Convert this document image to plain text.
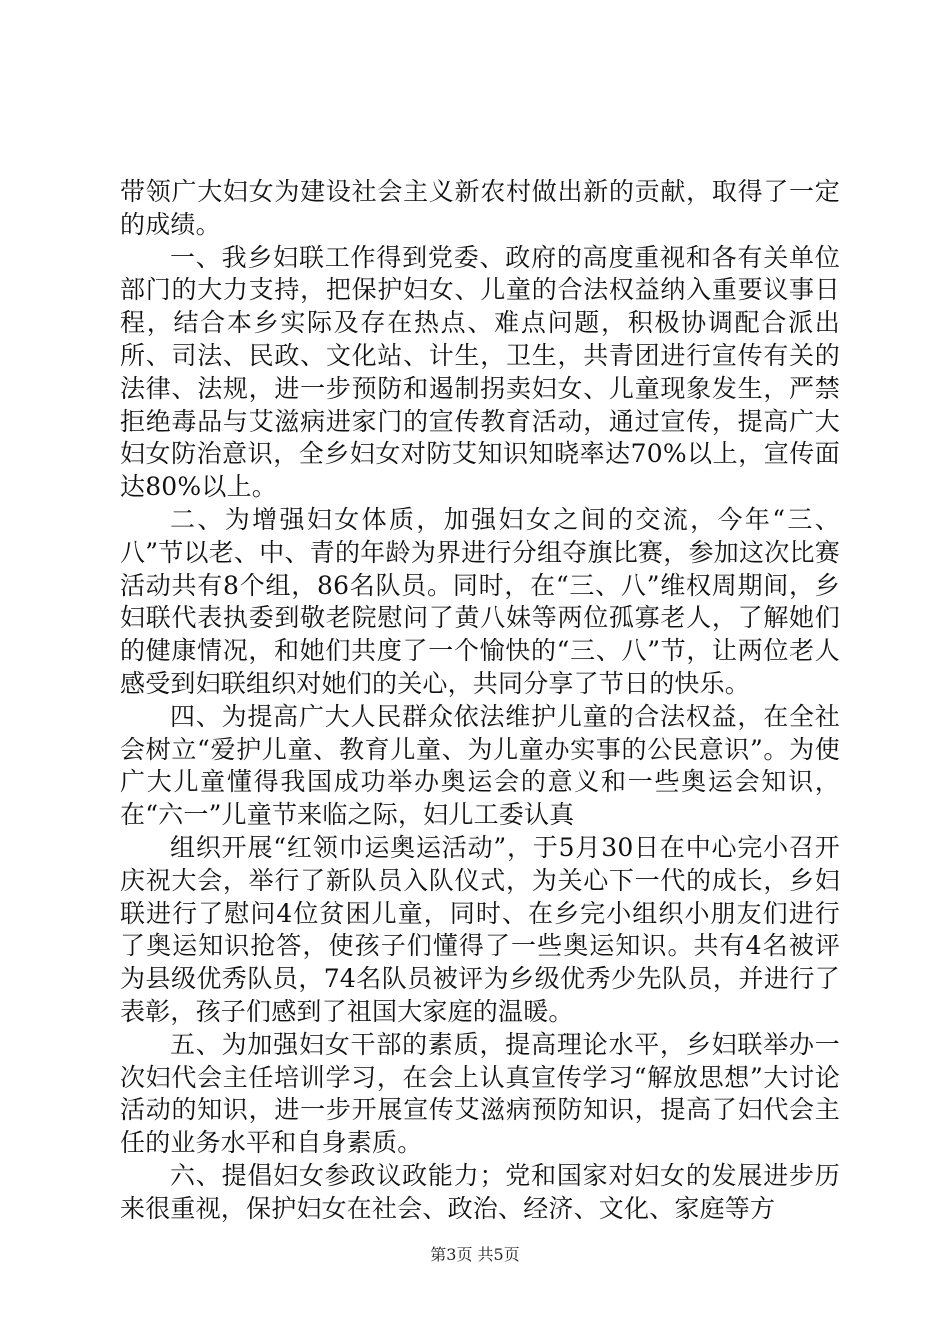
带领广大妇女为建设社会主义新农村做出新的贡献，取得了一定的成绩。

一、我乡妇联工作得到党委、政府的高度重视和各有关单位部门的大力支持，把保护妇女、儿童的合法权益纳入重要议事日程，结合本乡实际及存在热点、难点问题，积极协调配合派出所、司法、民政、文化站、计生，卫生，共青团进行宣传有关的法律、法规，进一步预防和遏制拐卖妇女、儿童现象发生，严禁拒绝毒品与艾滋病进家门的宣传教育活动，通过宣传，提高广大妇女防治意识，全乡妇女对防艾知识知晓率达70%以上，宣传面达80%以上。

二、为增强妇女体质，加强妇女之间的交流，今年“三、八”节以老、中、青的年龄为界进行分组夺旗比赛，参加这次比赛活动共有8个组，86名队员。同时，在“三、八”维权周期间，乡妇联代表执委到敬老院慰问了黄八妹等两位孤寡老人，了解她们的健康情况，和她们共度了一个愉快的“三、八”节，让两位老人感受到妇联组织对她们的关心，共同分享了节日的快乐。

四、为提高广大人民群众依法维护儿童的合法权益，在全社会树立“爱护儿童、教育儿童、为儿童办实事的公民意识”。为使广大儿童懂得我国成功举办奥运会的意义和一些奥运会知识，在“六一”儿童节来临之际，妇儿工委认真

组织开展“红领巾运奥运活动”，于5月30日在中心完小召开庆祝大会，举行了新队员入队仪式，为关心下一代的成长，乡妇联进行了慰问4位贫困儿童，同时、在乡完小组织小朋友们进行了奥运知识抢答，使孩子们懂得了一些奥运知识。共有4名被评为县级优秀队员，74名队员被评为乡级优秀少先队员，并进行了表彰，孩子们感到了祖国大家庭的温暖。

五、为加强妇女干部的素质，提高理论水平，乡妇联举办一次妇代会主任培训学习，在会上认真宣传学习“解放思想”大讨论活动的知识，进一步开展宣传艾滋病预防知识，提高了妇代会主任的业务水平和自身素质。

六、提倡妇女参政议政能力；党和国家对妇女的发展进步历来很重视，保护妇女在社会、政治、经济、文化、家庭等方

第3页 共5页
